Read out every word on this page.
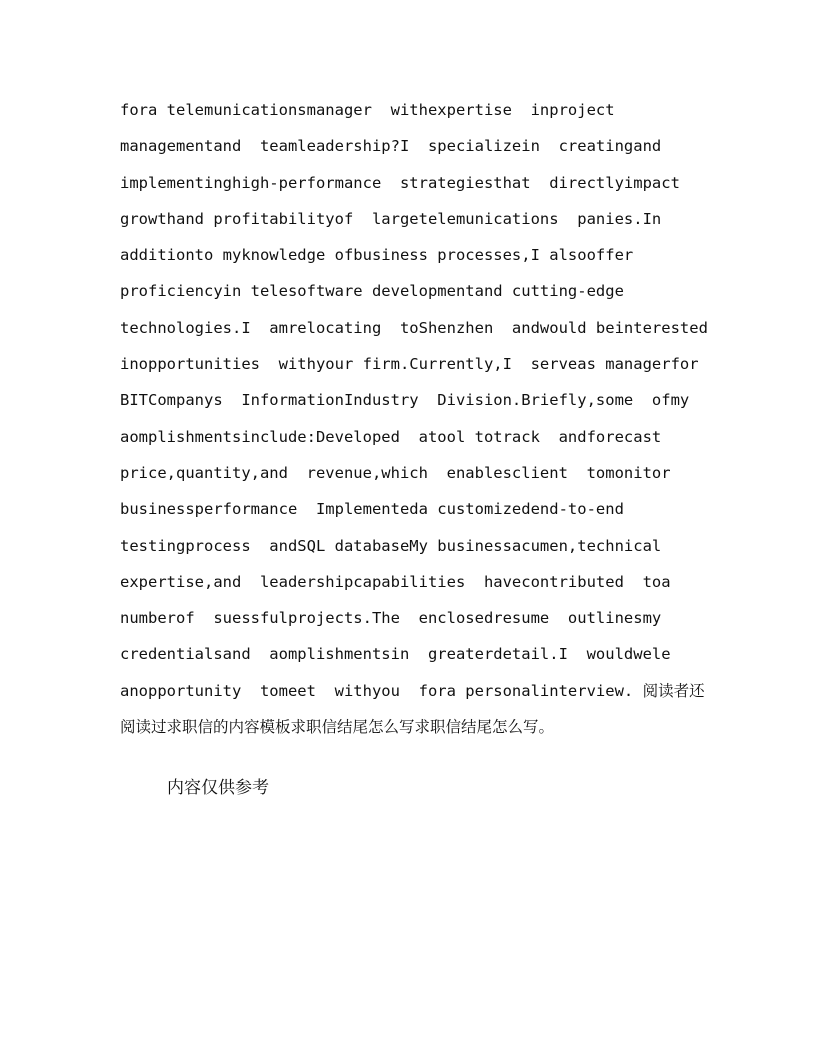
fora telemunicationsmanager  withexpertise  inproject
managementand  teamleadership?I  specializein  creatingand
implementinghigh-performance  strategiesthat  directlyimpact
growthand profitabilityof  largetelemunications  panies.In
additionto myknowledge ofbusiness processes,I alsooffer
proficiencyin telesoftware developmentand cutting-edge
technologies.I  amrelocating  toShenzhen  andwould beinterested
inopportunities  withyour firm.Currently,I  serveas managerfor
BITCompanys  InformationIndustry  Division.Briefly,some  ofmy
aomplishmentsinclude:Developed  atool totrack  andforecast
price,quantity,and  revenue,which  enablesclient  tomonitor
businessperformance  Implementeda customizedend-to-end
testingprocess  andSQL databaseMy businessacumen,technical
expertise,and  leadershipcapabilities  havecontributed  toa
numberof  suessfulprojects.The  enclosedresume  outlinesmy
credentialsand  aomplishmentsin  greaterdetail.I  wouldwele
anopportunity  tomeet  withyou  fora personalinterview. 阅读者还
阅读过求职信的内容模板求职信结尾怎么写求职信结尾怎么写。

内容仅供参考
